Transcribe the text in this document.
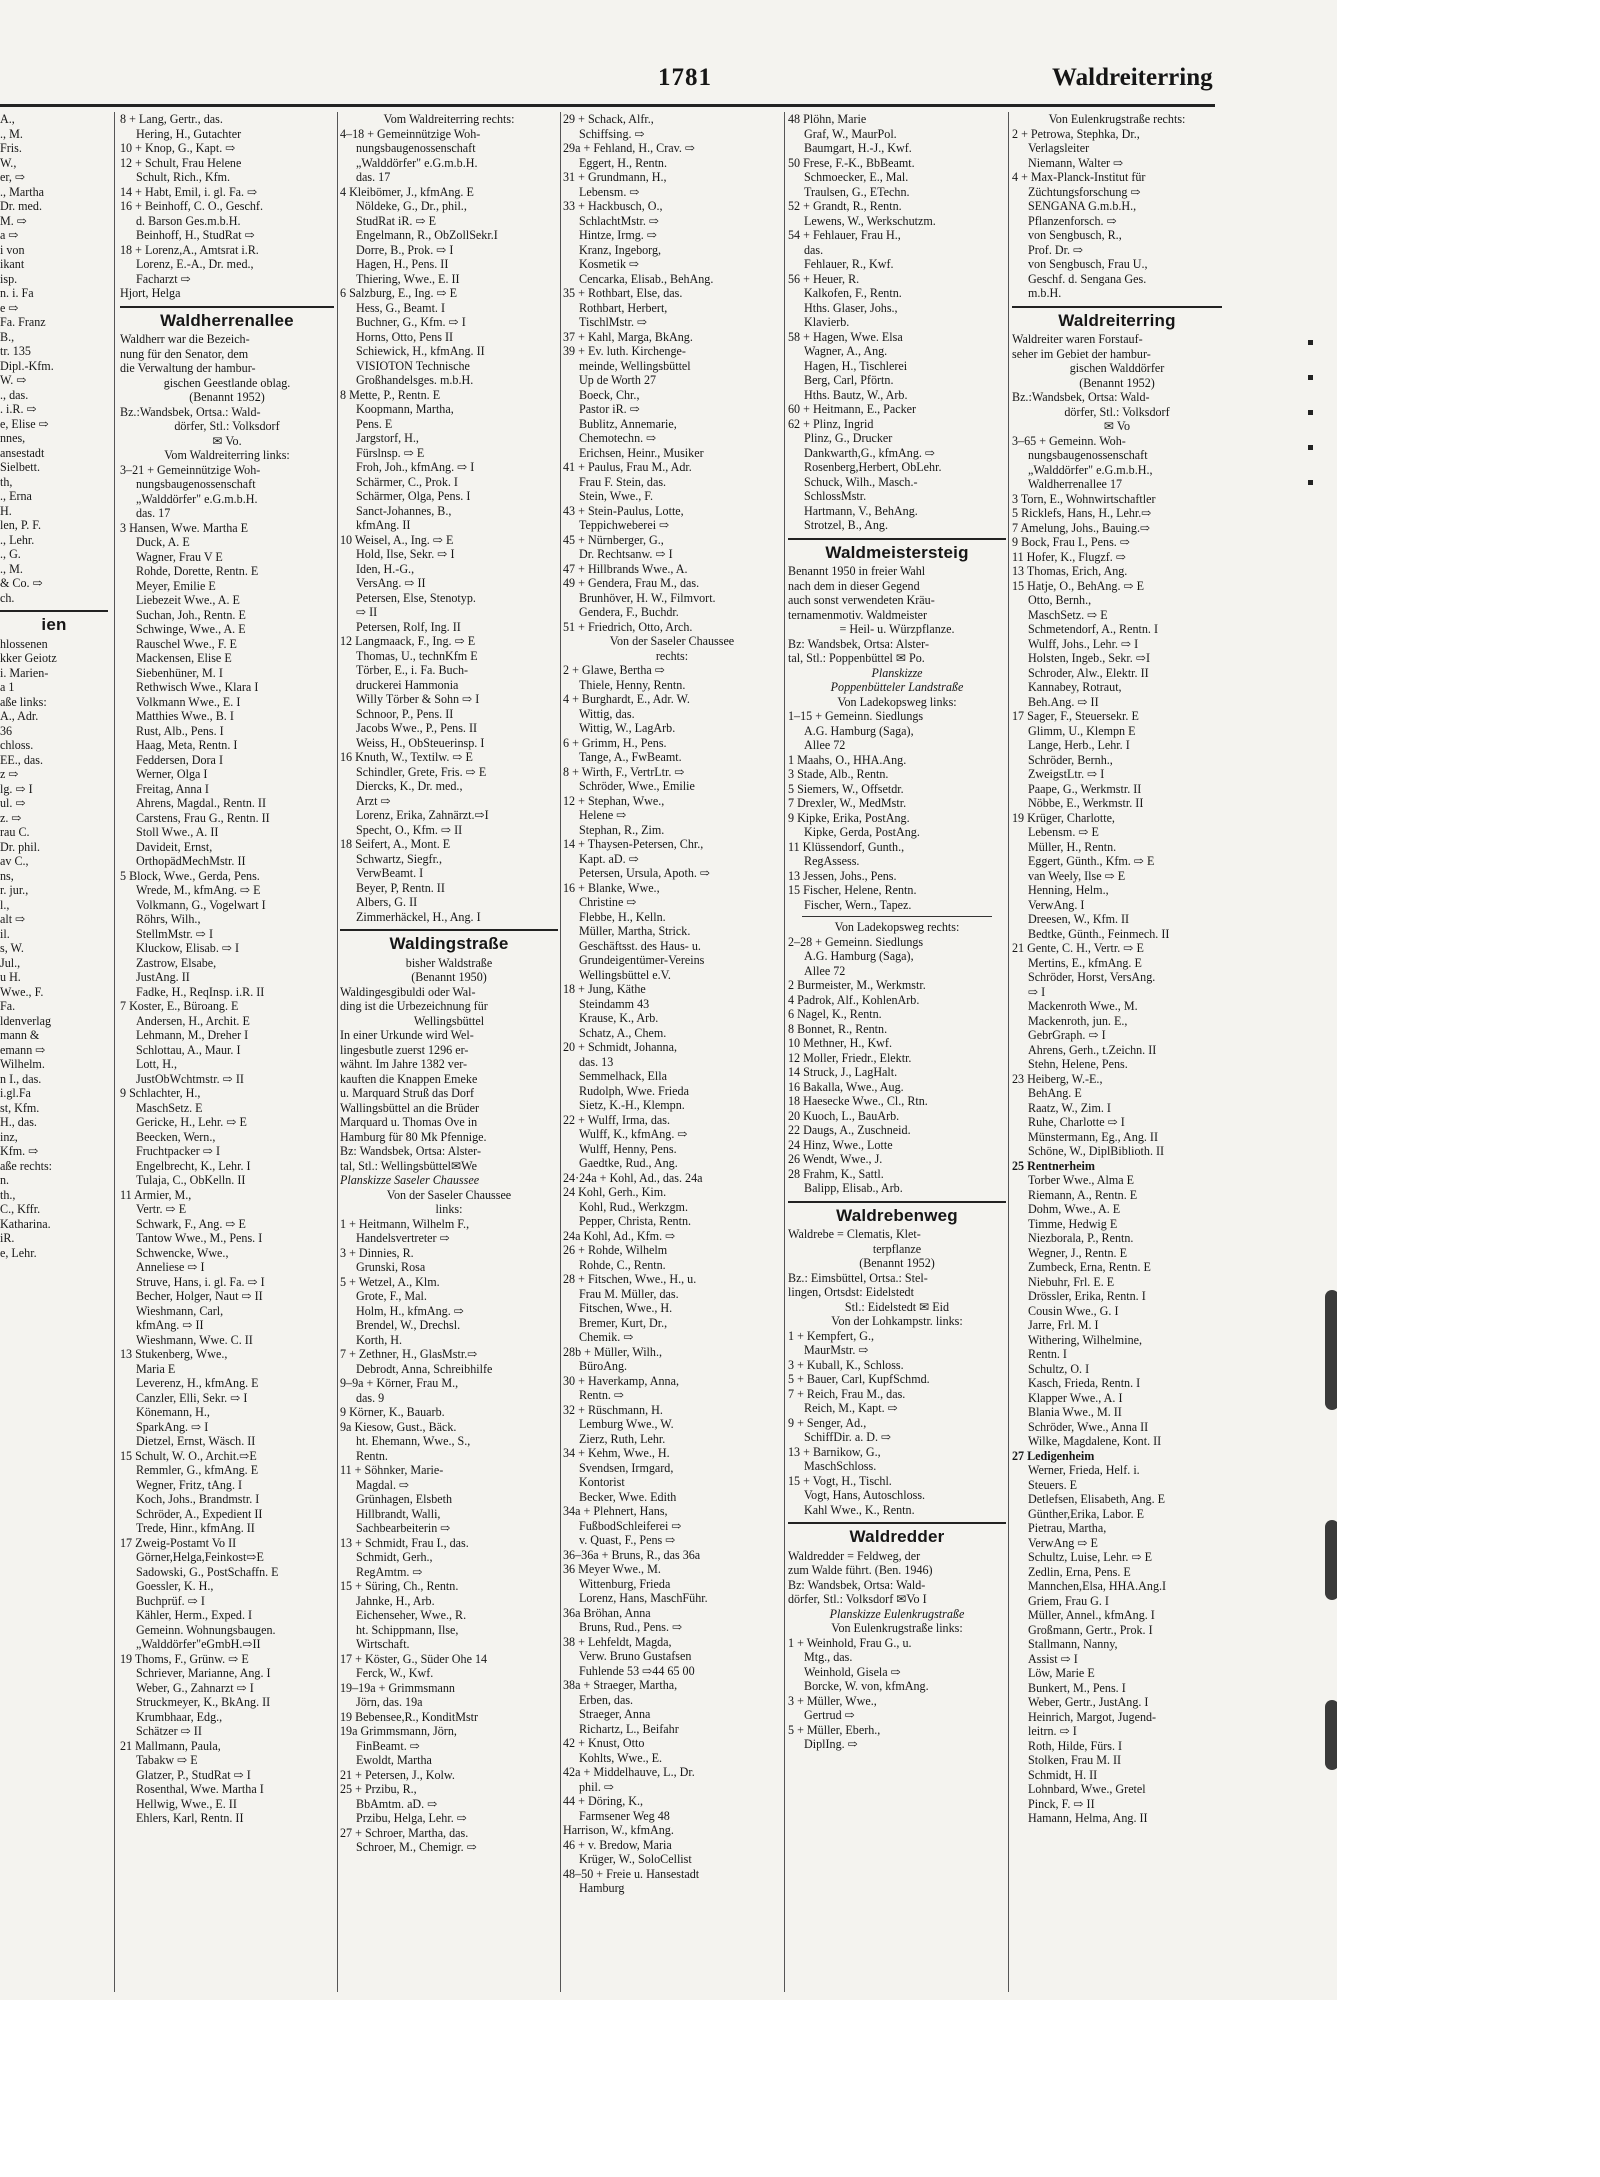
1781	Waldreiterring
A.,
., M.
Fris.
W.,
er, ⇨
., Martha
Dr. med.
M. ⇨
a ⇨
i von
ikant
isp.
n. i. Fa
e ⇨
Fa. Franz
B.,
tr. 135
Dipl.-Kfm.
W. ⇨
., das.
. i.R. ⇨
e, Elise ⇨
nnes,
ansestadt
Sielbett.
th,
., Erna
H.
len, P. F.
., Lehr.
., G.
., M.
& Co. ⇨
ch.
ien
hlossenen
kker Geiotz
i. Marien-
a 1
aße links:
A., Adr.
36
chloss.
EE., das.
z ⇨
lg. ⇨ I
ul. ⇨
z. ⇨
rau C.
Dr. phil.
av C.,
ns,
r. jur.,
l.,
alt ⇨
il.
s, W.
Jul.,
u H.
Wwe., F.
Fa.
ldenverlag
mann &
emann ⇨
Wilhelm.
n I., das.
i.gl.Fa
st, Kfm.
H., das.
inz,
Kfm. ⇨
aße rechts:
n.
th.,
C., Kffr.
Katharina.
iR.
e, Lehr.
8 + Lang, Gertr., das.
Hering, H., Gutachter
10 + Knop, G., Kapt. ⇨
12 + Schult, Frau Helene
Schult, Rich., Kfm.
14 + Habt, Emil, i. gl. Fa. ⇨
16 + Beinhoff, C. O., Geschf.
d. Barson Ges.m.b.H.
Beinhoff, H., StudRat ⇨
18 + Lorenz,A., Amtsrat i.R.
Lorenz, E.-A., Dr. med.,
Facharzt ⇨
Hjort, Helga
Waldherrenallee
Waldherr war die Bezeich-
nung für den Senator, dem
die Verwaltung der hambur-
gischen Geestlande oblag.
(Benannt 1952)
Bz.:Wandsbek, Ortsa.: Wald-
dörfer, Stl.: Volksdorf
✉ Vo.
Vom Waldreiterring links:
3–21 + Gemeinnützige Woh-
nungsbaugenossenschaft
„Walddörfer" e.G.m.b.H.
das. 17
3 Hansen, Wwe. Martha E
Duck, A. E
Wagner, Frau V E
Rohde, Dorette, Rentn. E
Meyer, Emilie E
Liebezeit Wwe., A. E
Suchan, Joh., Rentn. E
Schwinge, Wwe., A. E
Rauschel Wwe., F. E
Mackensen, Elise E
Siebenhüner, M. I
Rethwisch Wwe., Klara I
Volkmann Wwe., E. I
Matthies Wwe., B. I
Rust, Alb., Pens. I
Haag, Meta, Rentn. I
Feddersen, Dora I
Werner, Olga I
Freitag, Anna I
Ahrens, Magdal., Rentn. II
Carstens, Frau G., Rentn. II
Stoll Wwe., A. II
Davideit, Ernst,
OrthopädMechMstr. II
5 Block, Wwe., Gerda, Pens.
Wrede, M., kfmAng. ⇨ E
Volkmann, G., Vogelwart I
Röhrs, Wilh.,
StellmMstr. ⇨ I
Kluckow, Elisab. ⇨ I
Zastrow, Elsabe,
JustAng. II
Fadke, H., ReqInsp. i.R. II
7 Koster, E., Büroang. E
Andersen, H., Archit. E
Lehmann, M., Dreher I
Schlottau, A., Maur. I
Lott, H.,
JustObWchtmstr. ⇨ II
9 Schlachter, H.,
MaschSetz. E
Gericke, H., Lehr. ⇨ E
Beecken, Wern.,
Fruchtpacker ⇨ I
Engelbrecht, K., Lehr. I
Tulaja, C., ObKelln. II
11 Armier, M.,
Vertr. ⇨ E
Schwark, F., Ang. ⇨ E
Tantow Wwe., M., Pens. I
Schwencke, Wwe.,
Anneliese ⇨ I
Struve, Hans, i. gl. Fa. ⇨ I
Becher, Holger, Naut ⇨ II
Wieshmann, Carl,
kfmAng. ⇨ II
Wieshmann, Wwe. C. II
13 Stukenberg, Wwe.,
Maria E
Leverenz, H., kfmAng. E
Canzler, Elli, Sekr. ⇨ I
Könemann, H.,
SparkAng. ⇨ I
Dietzel, Ernst, Wäsch. II
15 Schult, W. O., Archit.⇨E
Remmler, G., kfmAng. E
Wegner, Fritz, tAng. I
Koch, Johs., Brandmstr. I
Schröder, A., Expedient II
Trede, Hinr., kfmAng. II
17 Zweig-Postamt Vo II
Görner,Helga,Feinkost⇨E
Sadowski, G., PostSchaffn. E
Goessler, K. H.,
Buchprüf. ⇨ I
Kähler, Herm., Exped. I
Gemeinn. Wohnungsbaugen.
„Walddörfer"eGmbH.⇨II
19 Thoms, F., Grünw. ⇨ E
Schriever, Marianne, Ang. I
Weber, G., Zahnarzt ⇨ I
Struckmeyer, K., BkAng. II
Krumbhaar, Edg.,
Schätzer ⇨ II
21 Mallmann, Paula,
Tabakw ⇨ E
Glatzer, P., StudRat ⇨ I
Rosenthal, Wwe. Martha I
Hellwig, Wwe., E. II
Ehlers, Karl, Rentn. II
Vom Waldreiterring rechts:
4–18 + Gemeinnützige Woh-
nungsbaugenossenschaft
„Walddörfer" e.G.m.b.H.
das. 17
4 Kleibömer, J., kfmAng. E
Nöldeke, G., Dr., phil.,
StudRat iR. ⇨ E
Engelmann, R., ObZollSekr.I
Dorre, B., Prok. ⇨ I
Hagen, H., Pens. II
Thiering, Wwe., E. II
6 Salzburg, E., Ing. ⇨ E
Hess, G., Beamt. I
Buchner, G., Kfm. ⇨ I
Horns, Otto, Pens II
Schiewick, H., kfmAng. II
VISIOTON Technische
Großhandelsges. m.b.H.
8 Mette, P., Rentn. E
Koopmann, Martha,
Pens. E
Jargstorf, H.,
Fürslnsp. ⇨ E
Froh, Joh., kfmAng. ⇨ I
Schärmer, C., Prok. I
Schärmer, Olga, Pens. I
Sanct-Johannes, B.,
kfmAng. II
10 Weisel, A., Ing. ⇨ E
Hold, Ilse, Sekr. ⇨ I
Iden, H.-G.,
VersAng. ⇨ II
Petersen, Else, Stenotyp.
⇨ II
Petersen, Rolf, Ing. II
12 Langmaack, F., Ing. ⇨ E
Thomas, U., technKfm E
Törber, E., i. Fa. Buch-
druckerei Hammonia
Willy Törber & Sohn ⇨ I
Schnoor, P., Pens. II
Jacobs Wwe., P., Pens. II
Weiss, H., ObSteuerinsp. I
16 Knuth, W., Textilw. ⇨ E
Schindler, Grete, Fris. ⇨ E
Diercks, K., Dr. med.,
Arzt ⇨
Lorenz, Erika, Zahnärzt.⇨I
Specht, O., Kfm. ⇨ II
18 Seifert, A., Mont. E
Schwartz, Siegfr.,
VerwBeamt. I
Beyer, P, Rentn. II
Albers, G. II
Zimmerhäckel, H., Ang. I
Waldingstraße
bisher Waldstraße
(Benannt 1950)
Waldingesgibuldi oder Wal-
ding ist die Urbezeichnung für
Wellingsbüttel
In einer Urkunde wird Wel-
lingesbutle zuerst 1296 er-
wähnt. Im Jahre 1382 ver-
kauften die Knappen Emeke
u. Marquard Struß das Dorf
Wallingsbüttel an die Brüder
Marquard u. Thomas Ove in
Hamburg für 80 Mk Pfennige.
Bz: Wandsbek, Ortsa: Alster-
tal, Stl.: Wellingsbüttel✉We
Planskizze Saseler Chaussee
Von der Saseler Chaussee
links:
1 + Heitmann, Wilhelm F.,
Handelsvertreter ⇨
3 + Dinnies, R.
Grunski, Rosa
5 + Wetzel, A., Klm.
Grote, F., Mal.
Holm, H., kfmAng. ⇨
Brendel, W., Drechsl.
Korth, H.
7 + Zethner, H., GlasMstr.⇨
Debrodt, Anna, Schreibhilfe
9–9a + Körner, Frau M.,
das. 9
9 Körner, K., Bauarb.
9a Kiesow, Gust., Bäck.
ht. Ehemann, Wwe., S.,
Rentn.
11 + Söhnker, Marie-
Magdal. ⇨
Grünhagen, Elsbeth
Hillbrandt, Walli,
Sachbearbeiterin ⇨
13 + Schmidt, Frau I., das.
Schmidt, Gerh.,
RegAmtm. ⇨
15 + Süring, Ch., Rentn.
Jahnke, H., Arb.
Eichenseher, Wwe., R.
ht. Schippmann, Ilse,
Wirtschaft.
17 + Köster, G., Süder Ohe 14
Ferck, W., Kwf.
19–19a + Grimmsmann
Jörn, das. 19a
19 Bebensee,R., KonditMstr
19a Grimmsmann, Jörn,
FinBeamt. ⇨
Ewoldt, Martha
21 + Petersen, J., Kolw.
25 + Przibu, R.,
BbAmtm. aD. ⇨
Przibu, Helga, Lehr. ⇨
27 + Schroer, Martha, das.
Schroer, M., Chemigr. ⇨
29 + Schack, Alfr.,
Schiffsing. ⇨
29a + Fehland, H., Crav. ⇨
Eggert, H., Rentn.
31 + Grundmann, H.,
Lebensm. ⇨
33 + Hackbusch, O.,
SchlachtMstr. ⇨
Hintze, Irmg. ⇨
Kranz, Ingeborg,
Kosmetik ⇨
Cencarka, Elisab., BehAng.
35 + Rothbart, Else, das.
Rothbart, Herbert,
TischlMstr. ⇨
37 + Kahl, Marga, BkAng.
39 + Ev. luth. Kirchenge-
meinde, Wellingsbüttel
Up de Worth 27
Boeck, Chr.,
Pastor iR. ⇨
Bublitz, Annemarie,
Chemotechn. ⇨
Erichsen, Heinr., Musiker
41 + Paulus, Frau M., Adr.
Frau F. Stein, das.
Stein, Wwe., F.
43 + Stein-Paulus, Lotte,
Teppichweberei ⇨
45 + Nürnberger, G.,
Dr. Rechtsanw. ⇨ I
47 + Hillbrands Wwe., A.
49 + Gendera, Frau M., das.
Brunhöver, H. W., Filmvort.
Gendera, F., Buchdr.
51 + Friedrich, Otto, Arch.
Von der Saseler Chaussee
rechts:
2 + Glawe, Bertha ⇨
Thiele, Henny, Rentn.
4 + Burghardt, E., Adr. W.
Wittig, das.
Wittig, W., LagArb.
6 + Grimm, H., Pens.
Tange, A., FwBeamt.
8 + Wirth, F., VertrLtr. ⇨
Schröder, Wwe., Emilie
12 + Stephan, Wwe.,
Helene ⇨
Stephan, R., Zim.
14 + Thaysen-Petersen, Chr.,
Kapt. aD. ⇨
Petersen, Ursula, Apoth. ⇨
16 + Blanke, Wwe.,
Christine ⇨
Flebbe, H., Kelln.
Müller, Martha, Strick.
Geschäftsst. des Haus- u.
Grundeigentümer-Vereins
Wellingsbüttel e.V.
18 + Jung, Käthe
Steindamm 43
Krause, K., Arb.
Schatz, A., Chem.
20 + Schmidt, Johanna,
das. 13
Semmelhack, Ella
Rudolph, Wwe. Frieda
Sietz, K.-H., Klempn.
22 + Wulff, Irma, das.
Wulff, K., kfmAng. ⇨
Wulff, Henny, Pens.
Gaedtke, Rud., Ang.
24·24a + Kohl, Ad., das. 24a
24 Kohl, Gerh., Kim.
Kohl, Rud., Werkzgm.
Pepper, Christa, Rentn.
24a Kohl, Ad., Kfm. ⇨
26 + Rohde, Wilhelm
Rohde, C., Rentn.
28 + Fitschen, Wwe., H., u.
Frau M. Müller, das.
Fitschen, Wwe., H.
Bremer, Kurt, Dr.,
Chemik. ⇨
28b + Müller, Wilh.,
BüroAng.
30 + Haverkamp, Anna,
Rentn. ⇨
32 + Rüschmann, H.
Lemburg Wwe., W.
Zierz, Ruth, Lehr.
34 + Kehm, Wwe., H.
Svendsen, Irmgard,
Kontorist
Becker, Wwe. Edith
34a + Plehnert, Hans,
FußbodSchleiferei ⇨
v. Quast, F., Pens ⇨
36–36a + Bruns, R., das 36a
36 Meyer Wwe., M.
Wittenburg, Frieda
Lorenz, Hans, MaschFühr.
36a Bröhan, Anna
Bruns, Rud., Pens. ⇨
38 + Lehfeldt, Magda,
Verw. Bruno Gustafsen
Fuhlende 53 ⇨44 65 00
38a + Straeger, Martha,
Erben, das.
Straeger, Anna
Richartz, L., Beifahr
42 + Knust, Otto
Kohlts, Wwe., E.
42a + Middelhauve, L., Dr.
phil. ⇨
44 + Döring, K.,
Farmsener Weg 48
Harrison, W., kfmAng.
46 + v. Bredow, Maria
Krüger, W., SoloCellist
48–50 + Freie u. Hansestadt
Hamburg
48 Plöhn, Marie
Graf, W., MaurPol.
Baumgart, H.-J., Kwf.
50 Frese, F.-K., BbBeamt.
Schmoecker, E., Mal.
Traulsen, G., ETechn.
52 + Grandt, R., Rentn.
Lewens, W., Werkschutzm.
54 + Fehlauer, Frau H.,
das.
Fehlauer, R., Kwf.
56 + Heuer, R.
Kalkofen, F., Rentn.
Hths. Glaser, Johs.,
Klavierb.
58 + Hagen, Wwe. Elsa
Wagner, A., Ang.
Hagen, H., Tischlerei
Berg, Carl, Pförtn.
Hths. Bautz, W., Arb.
60 + Heitmann, E., Packer
62 + Plinz, Ingrid
Plinz, G., Drucker
Dankwarth,G., kfmAng. ⇨
Rosenberg,Herbert, ObLehr.
Schuck, Wilh., Masch.-
SchlossMstr.
Hartmann, V., BehAng.
Strotzel, B., Ang.
Waldmeistersteig
Benannt 1950 in freier Wahl
nach dem in dieser Gegend
auch sonst verwendeten Kräu-
ternamenmotiv. Waldmeister
= Heil- u. Würzpflanze.
Bz: Wandsbek, Ortsa: Alster-
tal, Stl.: Poppenbüttel ✉ Po.
Planskizze
Poppenbütteler Landstraße
Von Ladekopsweg links:
1–15 + Gemeinn. Siedlungs
A.G. Hamburg (Saga),
Allee 72
1 Maahs, O., HHA.Ang.
3 Stade, Alb., Rentn.
5 Siemers, W., Offsetdr.
7 Drexler, W., MedMstr.
9 Kipke, Erika, PostAng.
Kipke, Gerda, PostAng.
11 Klüssendorf, Gunth.,
RegAssess.
13 Jessen, Johs., Pens.
15 Fischer, Helene, Rentn.
Fischer, Wern., Tapez.
Von Ladekopsweg rechts:
2–28 + Gemeinn. Siedlungs
A.G. Hamburg (Saga),
Allee 72
2 Burmeister, M., Werkmstr.
4 Padrok, Alf., KohlenArb.
6 Nagel, K., Rentn.
8 Bonnet, R., Rentn.
10 Methner, H., Kwf.
12 Moller, Friedr., Elektr.
14 Struck, J., LagHalt.
16 Bakalla, Wwe., Aug.
18 Haesecke Wwe., Cl., Rtn.
20 Kuoch, L., BauArb.
22 Daugs, A., Zuschneid.
24 Hinz, Wwe., Lotte
26 Wendt, Wwe., J.
28 Frahm, K., Sattl.
Balipp, Elisab., Arb.
Waldrebenweg
Waldrebe = Clematis, Klet-
terpflanze
(Benannt 1952)
Bz.: Eimsbüttel, Ortsa.: Stel-
lingen, Ortsdst: Eidelstedt
Stl.: Eidelstedt ✉ Eid
Von der Lohkampstr. links:
1 + Kempfert, G.,
MaurMstr. ⇨
3 + Kuball, K., Schloss.
5 + Bauer, Carl, KupfSchmd.
7 + Reich, Frau M., das.
Reich, M., Kapt. ⇨
9 + Senger, Ad.,
SchiffDir. a. D. ⇨
13 + Barnikow, G.,
MaschSchloss.
15 + Vogt, H., Tischl.
Vogt, Hans, Autoschloss.
Kahl Wwe., K., Rentn.
Waldredder
Waldredder = Feldweg, der
zum Walde führt. (Ben. 1946)
Bz: Wandsbek, Ortsa: Wald-
dörfer, Stl.: Volksdorf ✉Vo I
Planskizze Eulenkrugstraße
Von Eulenkrugstraße links:
1 + Weinhold, Frau G., u.
Mtg., das.
Weinhold, Gisela ⇨
Borcke, W. von, kfmAng.
3 + Müller, Wwe.,
Gertrud ⇨
5 + Müller, Eberh.,
DiplIng. ⇨
Von Eulenkrugstraße rechts:
2 + Petrowa, Stephka, Dr.,
Verlagsleiter
Niemann, Walter ⇨
4 + Max-Planck-Institut für
Züchtungsforschung ⇨
SENGANA G.m.b.H.,
Pflanzenforsch. ⇨
von Sengbusch, R.,
Prof. Dr. ⇨
von Sengbusch, Frau U.,
Geschf. d. Sengana Ges.
m.b.H.
Waldreiterring
Waldreiter waren Forstauf-
seher im Gebiet der hambur-
gischen Walddörfer
(Benannt 1952)
Bz.:Wandsbek, Ortsa: Wald-
dörfer, Stl.: Volksdorf
✉ Vo
3–65 + Gemeinn. Woh-
nungsbaugenossenschaft
„Walddörfer" e.G.m.b.H.,
Waldherrenallee 17
3 Torn, E., Wohnwirtschaftler
5 Ricklefs, Hans, H., Lehr.⇨
7 Amelung, Johs., Bauing.⇨
9 Bock, Frau I., Pens. ⇨
11 Hofer, K., Flugzf. ⇨
13 Thomas, Erich, Ang.
15 Hatje, O., BehAng. ⇨ E
Otto, Bernh.,
MaschSetz. ⇨ E
Schmetendorf, A., Rentn. I
Wulff, Johs., Lehr. ⇨ I
Holsten, Ingeb., Sekr. ⇨I
Schroder, Alw., Elektr. II
Kannabey, Rotraut,
Beh.Ang. ⇨ II
17 Sager, F., Steuersekr. E
Glimm, U., Klempn E
Lange, Herb., Lehr. I
Schröder, Bernh.,
ZweigstLtr. ⇨ I
Paape, G., Werkmstr. II
Nöbbe, E., Werkmstr. II
19 Krüger, Charlotte,
Lebensm. ⇨ E
Müller, H., Rentn.
Eggert, Günth., Kfm. ⇨ E
van Weely, Ilse ⇨ E
Henning, Helm.,
VerwAng. I
Dreesen, W., Kfm. II
Bedtke, Günth., Feinmech. II
21 Gente, C. H., Vertr. ⇨ E
Mertins, E., kfmAng. E
Schröder, Horst, VersAng.
⇨ I
Mackenroth Wwe., M.
Mackenroth, jun. E.,
GebrGraph. ⇨ I
Ahrens, Gerh., t.Zeichn. II
Stehn, Helene, Pens.
23 Heiberg, W.-E.,
BehAng. E
Raatz, W., Zim. I
Ruhe, Charlotte ⇨ I
Münstermann, Eg., Ang. II
Schöne, W., DiplBiblioth. II
25 Rentnerheim
Torber Wwe., Alma E
Riemann, A., Rentn. E
Dohm, Wwe., A. E
Timme, Hedwig E
Niezborala, P., Rentn.
Wegner, J., Rentn. E
Zumbeck, Erna, Rentn. E
Niebuhr, Frl. E. E
Drössler, Erika, Rentn. I
Cousin Wwe., G. I
Jarre, Frl. M. I
Withering, Wilhelmine,
Rentn. I
Schultz, O. I
Kasch, Frieda, Rentn. I
Klapper Wwe., A. I
Blania Wwe., M. II
Schröder, Wwe., Anna II
Wilke, Magdalene, Kont. II
27 Ledigenheim
Werner, Frieda, Helf. i.
Steuers. E
Detlefsen, Elisabeth, Ang. E
Günther,Erika, Labor. E
Pietrau, Martha,
VerwAng ⇨ E
Schultz, Luise, Lehr. ⇨ E
Zedlin, Erna, Pens. E
Mannchen,Elsa, HHA.Ang.I
Griem, Frau G. I
Müller, Annel., kfmAng. I
Großmann, Gertr., Prok. I
Stallmann, Nanny,
Assist ⇨ I
Löw, Marie E
Bunkert, M., Pens. I
Weber, Gertr., JustAng. I
Heinrich, Margot, Jugend-
leitrn. ⇨ I
Roth, Hilde, Fürs. I
Stolken, Frau M. II
Schmidt, H. II
Lohnbard, Wwe., Gretel
Pinck, F. ⇨ II
Hamann, Helma, Ang. II
